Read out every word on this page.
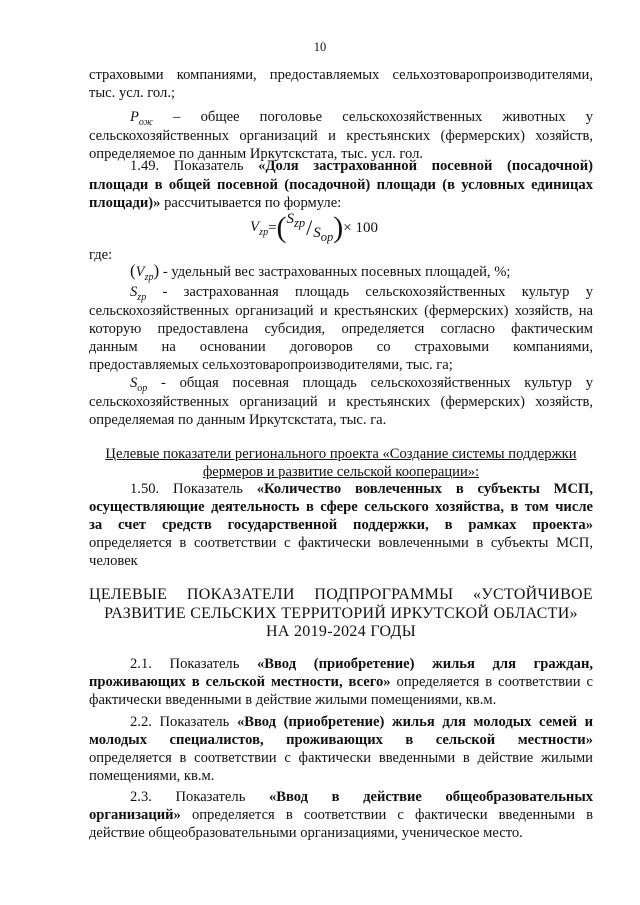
10
страховыми компаниями, предоставляемых сельхозтоваропроизводителями,
тыс. усл. гол.;
$Р_{ож}$ – общее поголовье сельскохозяйственных животных у
сельскохозяйственных организаций и крестьянских (фермерских) хозяйств,
определяемое по данным Иркутскстата, тыс. усл. гол.
1.49. Показатель «Доля застрахованной посевной (посадочной)
площади в общей посевной (посадочной) площади (в условных единицах
площади)» рассчитывается по формуле:
$V_{zp}$ = ( $S_{zp} / S_{op}$ ) × 100
где:
$(V_{zp})$ - удельный вес застрахованных посевных площадей, %;
$S_{zp}$ - застрахованная площадь сельскохозяйственных культур у
сельскохозяйственных организаций и крестьянских (фермерских) хозяйств, на
которую предоставлена субсидия, определяется согласно фактическим
данным на основании договоров со страховыми компаниями,
предоставляемых сельхозтоваропроизводителями, тыс. га;
$S_{op}$ - общая посевная площадь сельскохозяйственных культур у
сельскохозяйственных организаций и крестьянских (фермерских) хозяйств,
определяемая по данным Иркутскстата, тыс. га.
Целевые показатели регионального проекта «Создание системы поддержки
фермеров и развитие сельской кооперации»:
1.50. Показатель «Количество вовлеченных в субъекты МСП,
осуществляющие деятельность в сфере сельского хозяйства, в том числе
за счет средств государственной поддержки, в рамках проекта»
определяется в соответствии с фактически вовлеченными в субъекты МСП,
человек
ЦЕЛЕВЫЕ ПОКАЗАТЕЛИ ПОДПРОГРАММЫ «УСТОЙЧИВОЕ
РАЗВИТИЕ СЕЛЬСКИХ ТЕРРИТОРИЙ ИРКУТСКОЙ ОБЛАСТИ»
НА 2019-2024 ГОДЫ
2.1. Показатель «Ввод (приобретение) жилья для граждан,
проживающих в сельской местности, всего» определяется в соответствии с
фактически введенными в действие жилыми помещениями, кв.м.
2.2. Показатель «Ввод (приобретение) жилья для молодых семей и
молодых специалистов, проживающих в сельской местности»
определяется в соответствии с фактически введенными в действие жилыми
помещениями, кв.м.
2.3. Показатель «Ввод в действие общеобразовательных
организаций» определяется в соответствии с фактически введенными в
действие общеобразовательными организациями, ученическое место.
